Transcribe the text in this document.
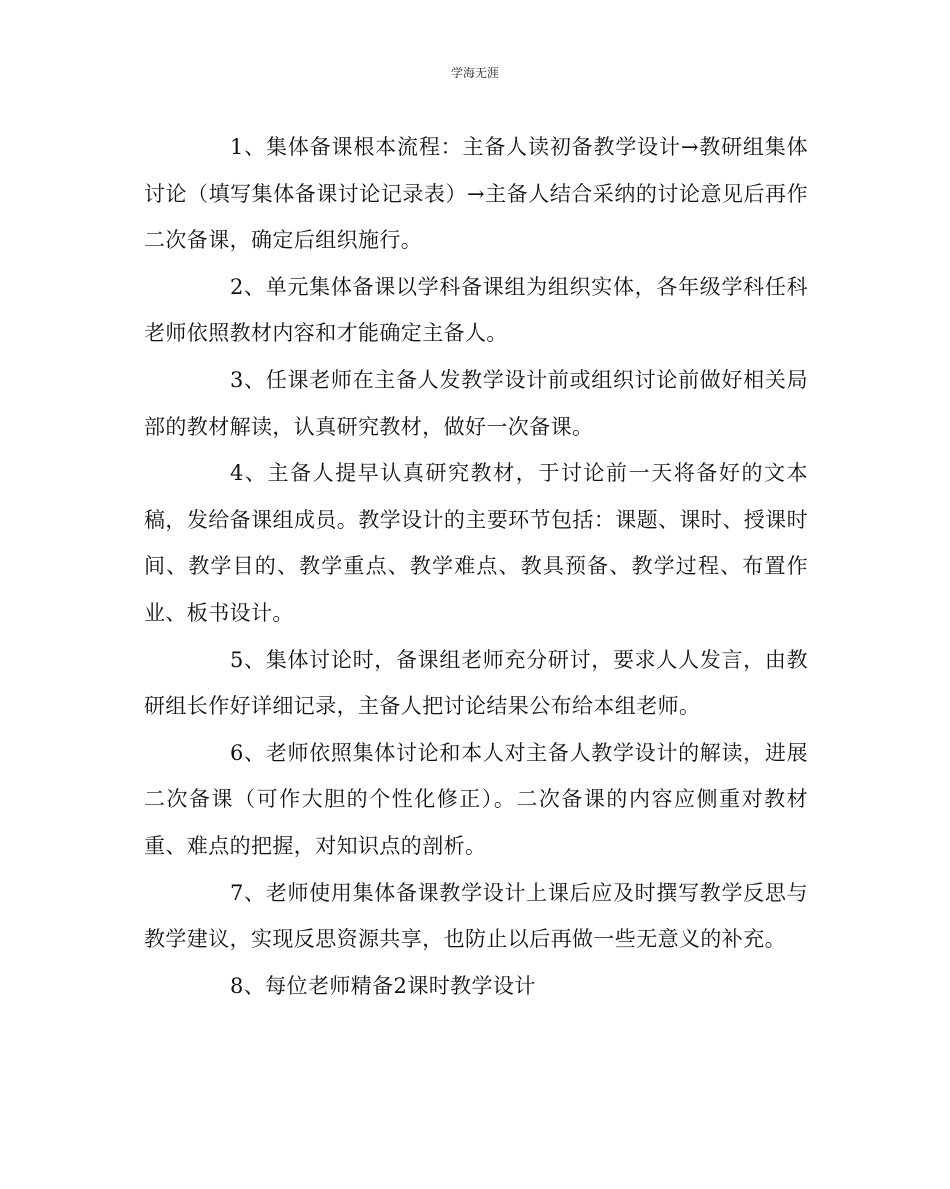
学海无涯

1、集体备课根本流程：主备人读初备教学设计→教研组集体讨论（填写集体备课讨论记录表）→主备人结合采纳的讨论意见后再作二次备课，确定后组织施行。

2、单元集体备课以学科备课组为组织实体，各年级学科任科老师依照教材内容和才能确定主备人。

3、任课老师在主备人发教学设计前或组织讨论前做好相关局部的教材解读，认真研究教材，做好一次备课。

4、主备人提早认真研究教材，于讨论前一天将备好的文本稿，发给备课组成员。教学设计的主要环节包括：课题、课时、授课时间、教学目的、教学重点、教学难点、教具预备、教学过程、布置作业、板书设计。

5、集体讨论时，备课组老师充分研讨，要求人人发言，由教研组长作好详细记录，主备人把讨论结果公布给本组老师。

6、老师依照集体讨论和本人对主备人教学设计的解读，进展二次备课（可作大胆的个性化修正）。二次备课的内容应侧重对教材重、难点的把握，对知识点的剖析。

7、老师使用集体备课教学设计上课后应及时撰写教学反思与教学建议，实现反思资源共享，也防止以后再做一些无意义的补充。

8、每位老师精备2课时教学设计
